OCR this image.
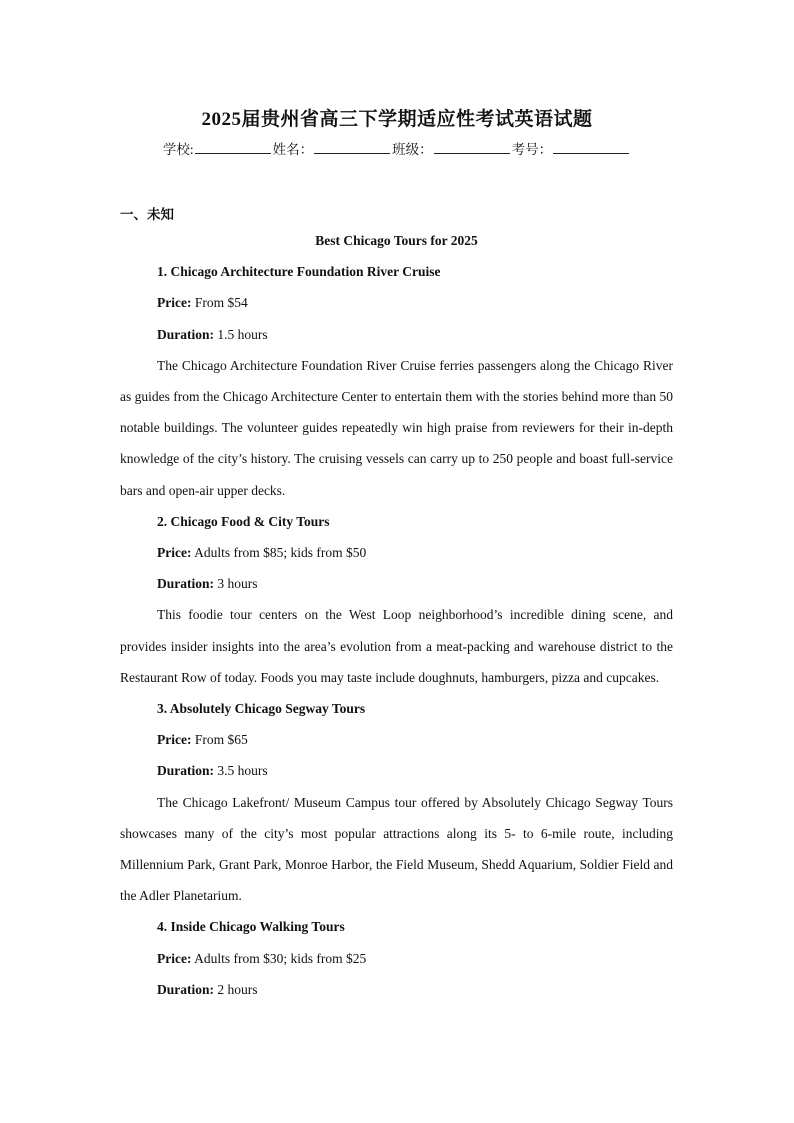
2025届贵州省高三下学期适应性考试英语试题
学校:	姓名：	班级：	考号：
一、未知

Best Chicago Tours for 2025

1. Chicago Architecture Foundation River Cruise

Price: From $54

Duration: 1.5 hours

The Chicago Architecture Foundation River Cruise ferries passengers along the Chicago River as guides from the Chicago Architecture Center to entertain them with the stories behind more than 50 notable buildings. The volunteer guides repeatedly win high praise from reviewers for their in-depth knowledge of the city’s history. The cruising vessels can carry up to 250 people and boast full-service bars and open-air upper decks.

2. Chicago Food & City Tours

Price: Adults from $85; kids from $50

Duration: 3 hours

This foodie tour centers on the West Loop neighborhood’s incredible dining scene, and provides insider insights into the area’s evolution from a meat-packing and warehouse district to the Restaurant Row of today. Foods you may taste include doughnuts, hamburgers, pizza and cupcakes.

3. Absolutely Chicago Segway Tours

Price: From $65

Duration: 3.5 hours

The Chicago Lakefront/ Museum Campus tour offered by Absolutely Chicago Segway Tours showcases many of the city’s most popular attractions along its 5- to 6-mile route, including Millennium Park, Grant Park, Monroe Harbor, the Field Museum, Shedd Aquarium, Soldier Field and the Adler Planetarium.

4. Inside Chicago Walking Tours

Price: Adults from $30; kids from $25

Duration: 2 hours
